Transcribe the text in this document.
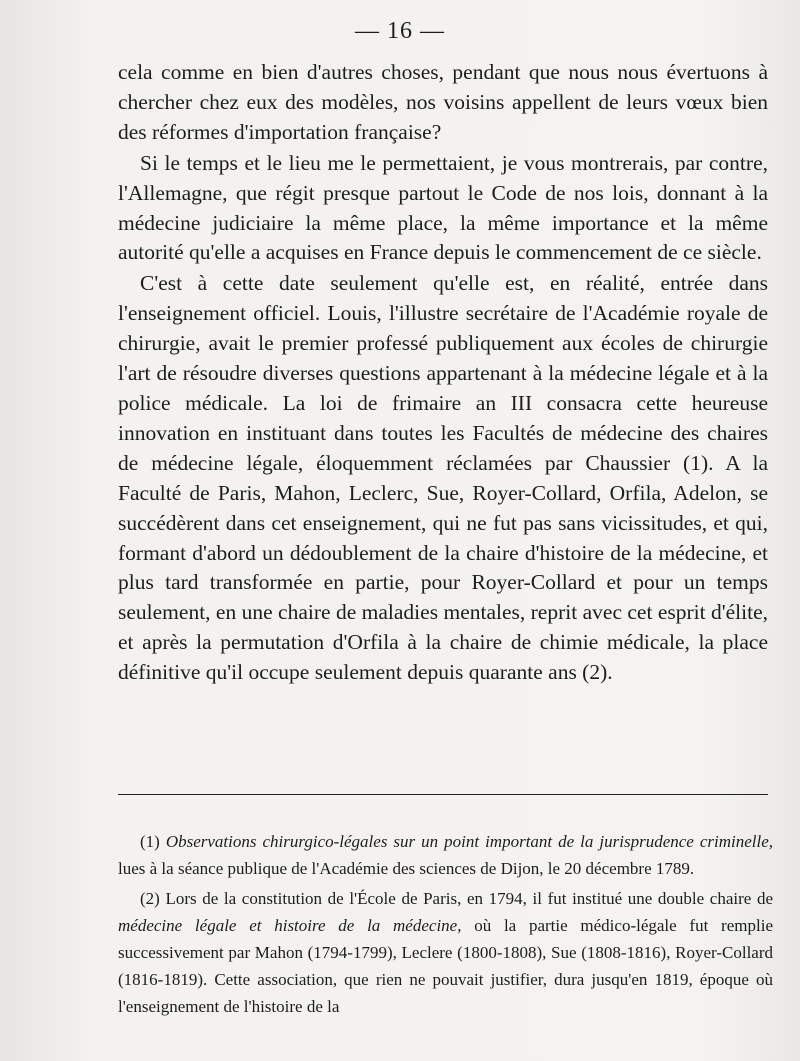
— 16 —

cela comme en bien d'autres choses, pendant que nous nous évertuons à chercher chez eux des modèles, nos voisins appellent de leurs vœux bien des réformes d'importation française?

Si le temps et le lieu me le permettaient, je vous montrerais, par contre, l'Allemagne, que régit presque partout le Code de nos lois, donnant à la médecine judiciaire la même place, la même importance et la même autorité qu'elle a acquises en France depuis le commencement de ce siècle.

C'est à cette date seulement qu'elle est, en réalité, entrée dans l'enseignement officiel. Louis, l'illustre secrétaire de l'Académie royale de chirurgie, avait le premier professé publiquement aux écoles de chirurgie l'art de résoudre diverses questions appartenant à la médecine légale et à la police médicale. La loi de frimaire an III consacra cette heureuse innovation en instituant dans toutes les Facultés de médecine des chaires de médecine légale, éloquemment réclamées par Chaussier (1). A la Faculté de Paris, Mahon, Leclerc, Sue, Royer-Collard, Orfila, Adelon, se succédèrent dans cet enseignement, qui ne fut pas sans vicissitudes, et qui, formant d'abord un dédoublement de la chaire d'histoire de la médecine, et plus tard transformée en partie, pour Royer-Collard et pour un temps seulement, en une chaire de maladies mentales, reprit avec cet esprit d'élite, et après la permutation d'Orfila à la chaire de chimie médicale, la place définitive qu'il occupe seulement depuis quarante ans (2).

(1) Observations chirurgico-légales sur un point important de la jurisprudence criminelle, lues à la séance publique de l'Académie des sciences de Dijon, le 20 décembre 1789.

(2) Lors de la constitution de l'École de Paris, en 1794, il fut institué une double chaire de médecine légale et histoire de la médecine, où la partie médico-légale fut remplie successivement par Mahon (1794-1799), Leclere (1800-1808), Sue (1808-1816), Royer-Collard (1816-1819). Cette association, que rien ne pouvait justifier, dura jusqu'en 1819, époque où l'enseignement de l'histoire de la
